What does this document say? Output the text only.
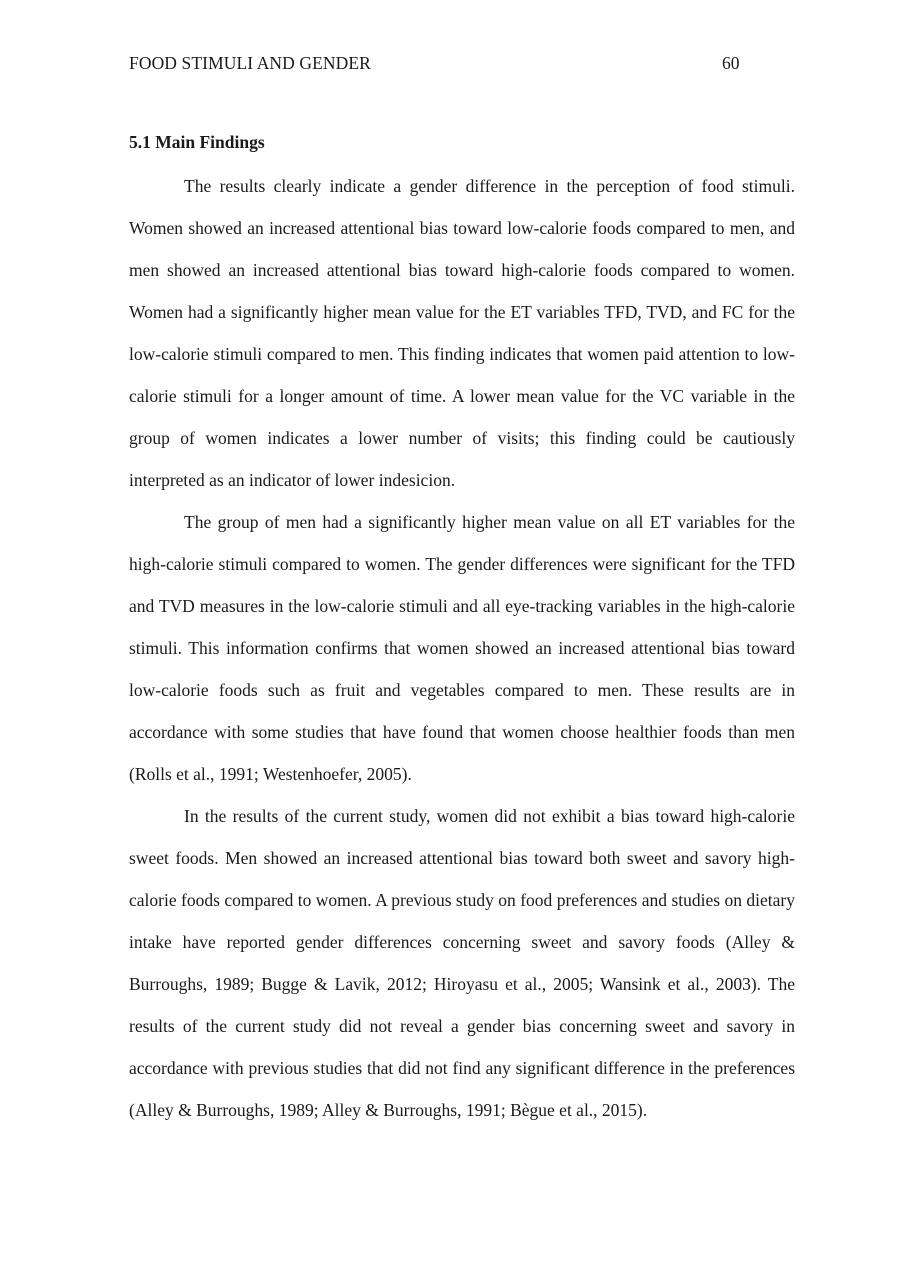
FOOD STIMULI AND GENDER	60
5.1 Main Findings

The results clearly indicate a gender difference in the perception of food stimuli. Women showed an increased attentional bias toward low-calorie foods compared to men, and men showed an increased attentional bias toward high-calorie foods compared to women. Women had a significantly higher mean value for the ET variables TFD, TVD, and FC for the low-calorie stimuli compared to men. This finding indicates that women paid attention to low-calorie stimuli for a longer amount of time. A lower mean value for the VC variable in the group of women indicates a lower number of visits; this finding could be cautiously interpreted as an indicator of lower indesicion.

The group of men had a significantly higher mean value on all ET variables for the high-calorie stimuli compared to women. The gender differences were significant for the TFD and TVD measures in the low-calorie stimuli and all eye-tracking variables in the high-calorie stimuli. This information confirms that women showed an increased attentional bias toward low-calorie foods such as fruit and vegetables compared to men. These results are in accordance with some studies that have found that women choose healthier foods than men (Rolls et al., 1991; Westenhoefer, 2005).

In the results of the current study, women did not exhibit a bias toward high-calorie sweet foods. Men showed an increased attentional bias toward both sweet and savory high-calorie foods compared to women. A previous study on food preferences and studies on dietary intake have reported gender differences concerning sweet and savory foods (Alley & Burroughs, 1989; Bugge & Lavik, 2012; Hiroyasu et al., 2005; Wansink et al., 2003). The results of the current study did not reveal a gender bias concerning sweet and savory in accordance with previous studies that did not find any significant difference in the preferences (Alley & Burroughs, 1989; Alley & Burroughs, 1991; Bègue et al., 2015).
